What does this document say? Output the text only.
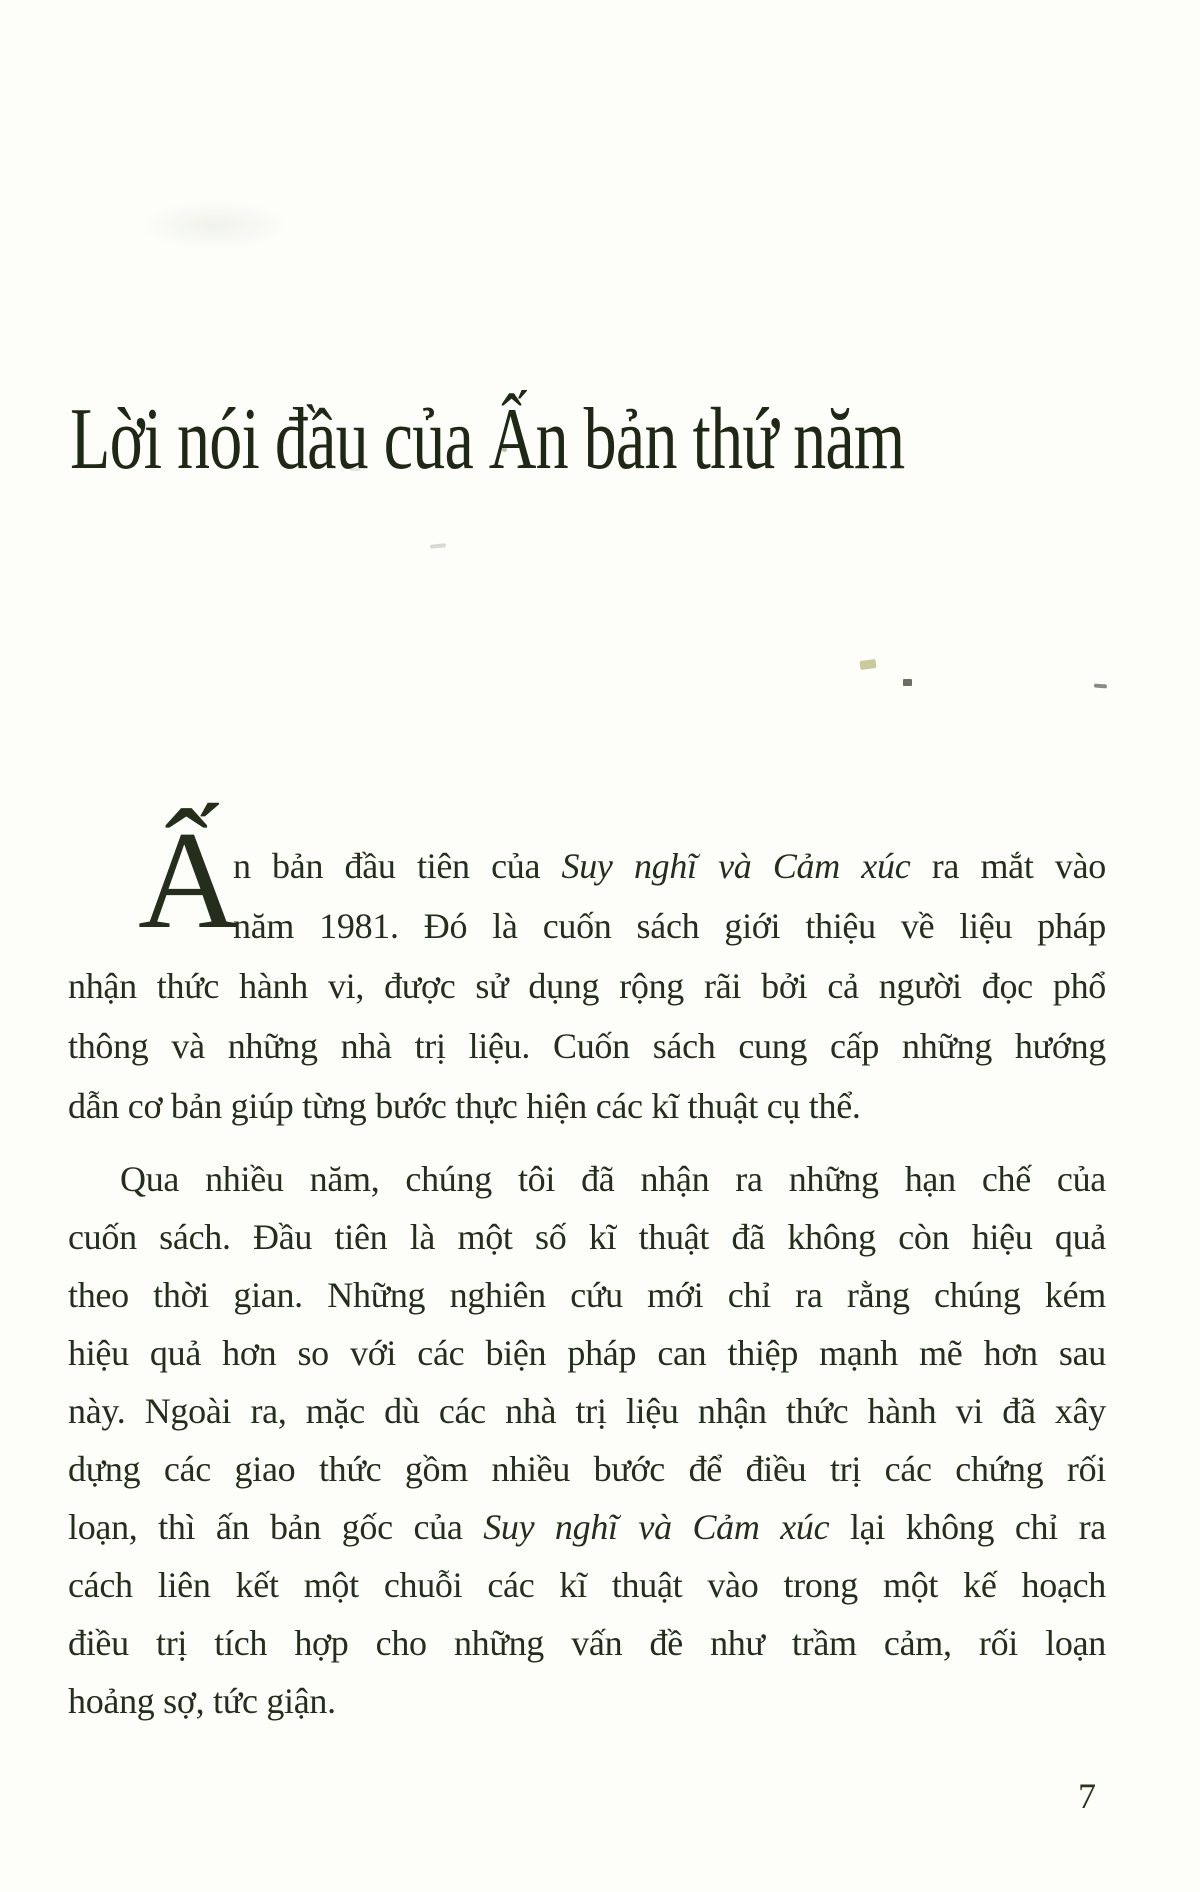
Lời nói đầu của Ấn bản thứ năm
Ấ
n bản đầu tiên của Suy nghĩ và Cảm xúc ra mắt vào
năm 1981. Đó là cuốn sách giới thiệu về liệu pháp
nhận thức hành vi, được sử dụng rộng rãi bởi cả người đọc phổ
thông và những nhà trị liệu. Cuốn sách cung cấp những hướng
dẫn cơ bản giúp từng bước thực hiện các kĩ thuật cụ thể.
Qua nhiều năm, chúng tôi đã nhận ra những hạn chế của
cuốn sách. Đầu tiên là một số kĩ thuật đã không còn hiệu quả
theo thời gian. Những nghiên cứu mới chỉ ra rằng chúng kém
hiệu quả hơn so với các biện pháp can thiệp mạnh mẽ hơn sau
này. Ngoài ra, mặc dù các nhà trị liệu nhận thức hành vi đã xây
dựng các giao thức gồm nhiều bước để điều trị các chứng rối
loạn, thì ấn bản gốc của Suy nghĩ và Cảm xúc lại không chỉ ra
cách liên kết một chuỗi các kĩ thuật vào trong một kế hoạch
điều trị tích hợp cho những vấn đề như trầm cảm, rối loạn
hoảng sợ, tức giận.
7
